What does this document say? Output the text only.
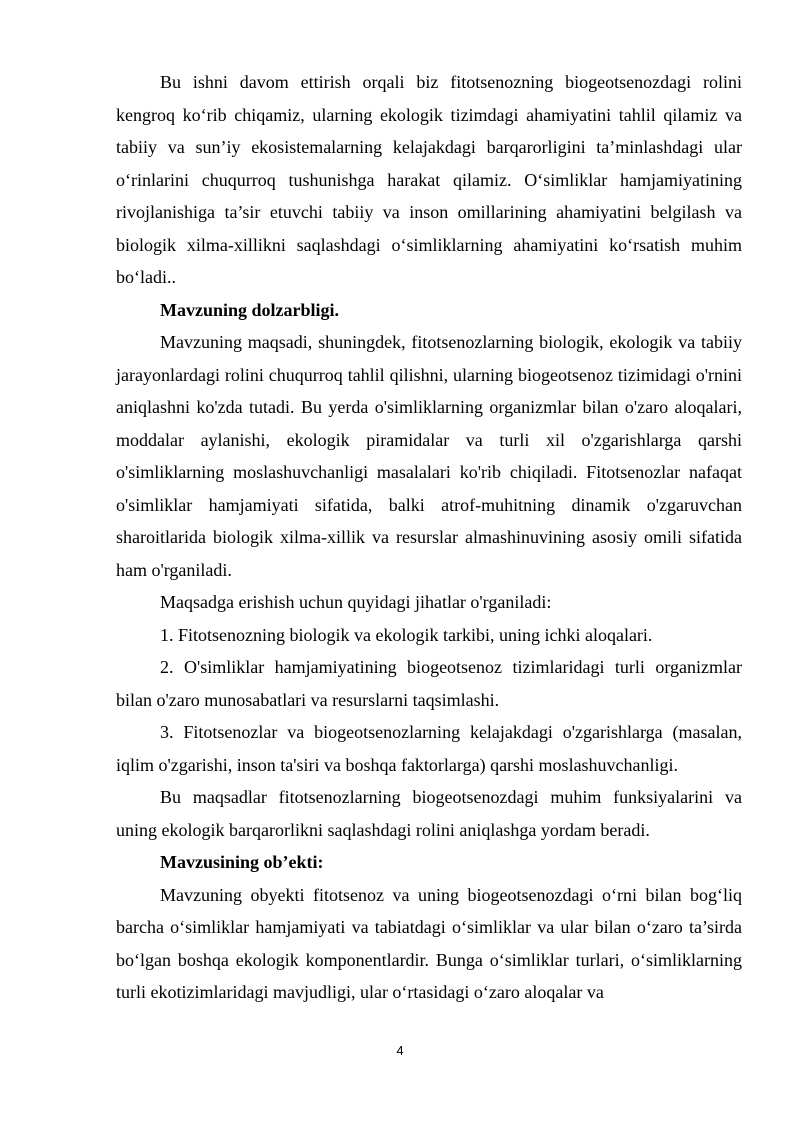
Bu ishni davom ettirish orqali biz fitotsenozning biogeotsenozdagi rolini kengroq ko‘rib chiqamiz, ularning ekologik tizimdagi ahamiyatini tahlil qilamiz va tabiiy va sun’iy ekosistemalarning kelajakdagi barqarorligini ta’minlashdagi ular o‘rinlarini chuqurroq tushunishga harakat qilamiz. O‘simliklar hamjamiyatining rivojlanishiga ta’sir etuvchi tabiiy va inson omillarining ahamiyatini belgilash va biologik xilma-xillikni saqlashdagi o‘simliklarning ahamiyatini ko‘rsatish muhim bo‘ladi..

Mavzuning dolzarbligi.

Mavzuning maqsadi, shuningdek, fitotsenozlarning biologik, ekologik va tabiiy jarayonlardagi rolini chuqurroq tahlil qilishni, ularning biogeotsenoz tizimidagi o'rnini aniqlashni ko'zda tutadi. Bu yerda o'simliklarning organizmlar bilan o'zaro aloqalari, moddalar aylanishi, ekologik piramidalar va turli xil o'zgarishlarga qarshi o'simliklarning moslashuvchanligi masalalari ko'rib chiqiladi. Fitotsenozlar nafaqat o'simliklar hamjamiyati sifatida, balki atrof-muhitning dinamik o'zgaruvchan sharoitlarida biologik xilma-xillik va resurslar almashinuvining asosiy omili sifatida ham o'rganiladi.

Maqsadga erishish uchun quyidagi jihatlar o'rganiladi:

1. Fitotsenozning biologik va ekologik tarkibi, uning ichki aloqalari.

2. O'simliklar hamjamiyatining biogeotsenoz tizimlaridagi turli organizmlar bilan o'zaro munosabatlari va resurslarni taqsimlashi.

3. Fitotsenozlar va biogeotsenozlarning kelajakdagi o'zgarishlarga (masalan, iqlim o'zgarishi, inson ta'siri va boshqa faktorlarga) qarshi moslashuvchanligi.

Bu maqsadlar fitotsenozlarning biogeotsenozdagi muhim funksiyalarini va uning ekologik barqarorlikni saqlashdagi rolini aniqlashga yordam beradi.

Mavzusining ob’ekti:

Mavzuning obyekti fitotsenoz va uning biogeotsenozdagi o‘rni bilan bog‘liq barcha o‘simliklar hamjamiyati va tabiatdagi o‘simliklar va ular bilan o‘zaro ta’sirda bo‘lgan boshqa ekologik komponentlardir. Bunga o‘simliklar turlari, o‘simliklarning turli ekotizimlaridagi mavjudligi, ular o‘rtasidagi o‘zaro aloqalar va

4
